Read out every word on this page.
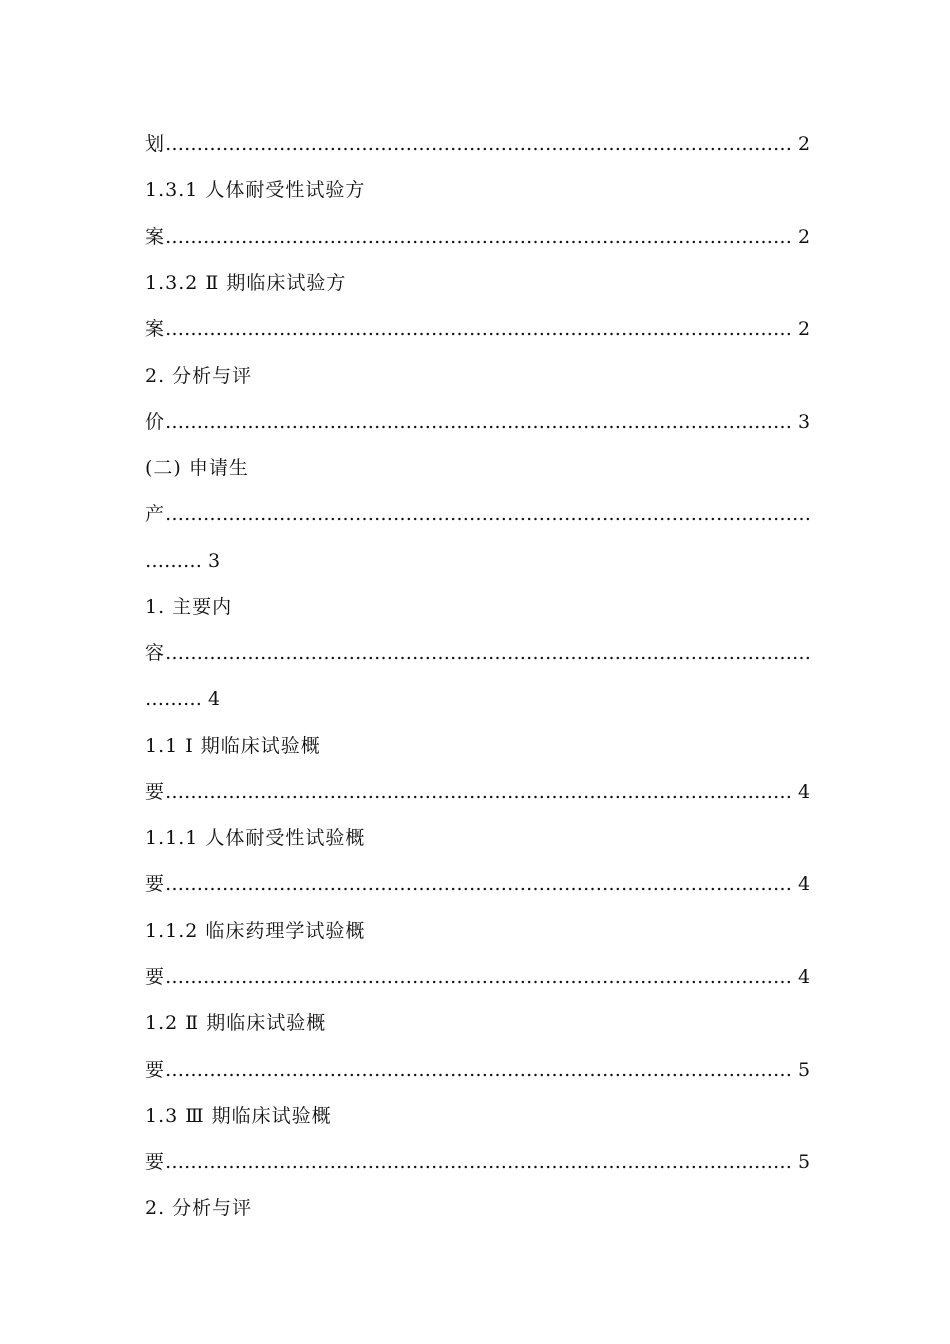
划……………………………………………………………………………………… 2
1.3.1 人体耐受性试验方
案……………………………………………………………………………………… 2
1.3.2 Ⅱ 期临床试验方
案……………………………………………………………………………………… 2
2. 分析与评
价……………………………………………………………………………………… 3
(二) 申请生
产…………………………………………………………………………………………
……… 3
1. 主要内
容…………………………………………………………………………………………
……… 4
1.1 Ⅰ 期临床试验概
要……………………………………………………………………………………… 4
1.1.1 人体耐受性试验概
要……………………………………………………………………………………… 4
1.1.2 临床药理学试验概
要……………………………………………………………………………………… 4
1.2 Ⅱ 期临床试验概
要……………………………………………………………………………………… 5
1.3 Ⅲ 期临床试验概
要……………………………………………………………………………………… 5
2. 分析与评
